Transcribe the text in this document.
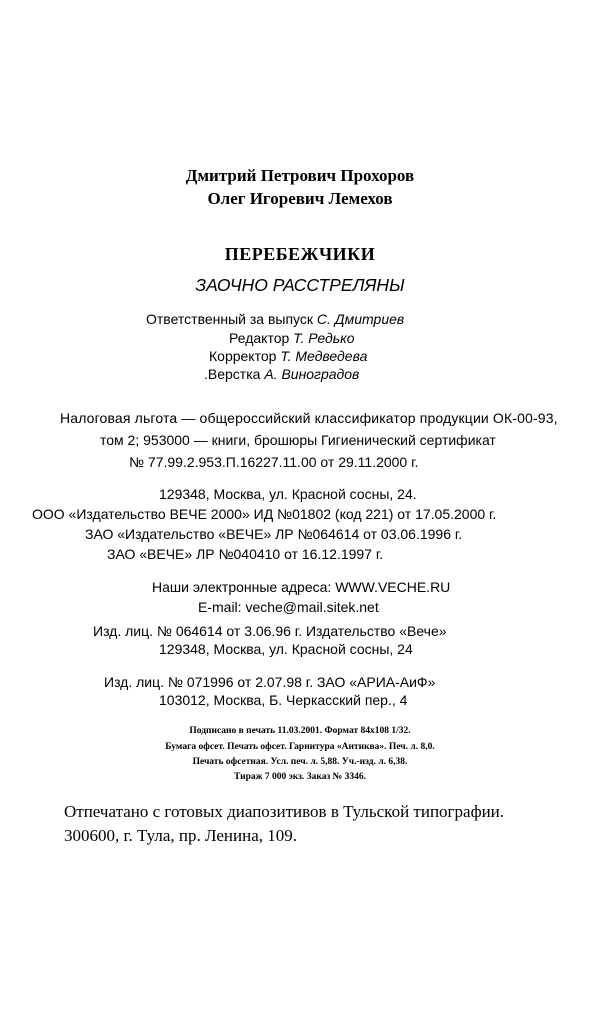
Дмитрий Петрович Прохоров
Олег Игоревич Лемехов
ПЕРЕБЕЖЧИКИ
ЗАОЧНО РАССТРЕЛЯНЫ
Ответственный за выпуск С. Дмитриев
Редактор Т. Редько
Корректор Т. Медведева
.Верстка А. Виноградов
Налоговая льгота — общероссийский классификатор продукции ОК-00-93,
том 2; 953000 — книги, брошюры Гигиенический сертификат
№ 77.99.2.953.П.16227.11.00 от 29.11.2000 г.
129348, Москва, ул. Красной сосны, 24.
ООО «Издательство ВЕЧЕ 2000» ИД №01802 (код 221) от 17.05.2000 г.
ЗАО «Издательство «ВЕЧЕ» ЛР №064614 от 03.06.1996 г.
ЗАО «ВЕЧЕ» ЛР №040410 от 16.12.1997 г.
Наши электронные адреса: WWW.VECHE.RU
E-mail: veche@mail.sitek.net
Изд. лиц. № 064614 от 3.06.96 г. Издательство «Вече»
129348, Москва, ул. Красной сосны, 24
Изд. лиц. № 071996 от 2.07.98 г. ЗАО «АРИА-АиФ»
103012, Москва, Б. Черкасский пер., 4
Подписано в печать 11.03.2001. Формат 84x108 1/32.
Бумага офсет. Печать офсет. Гарнитура «Антиква». Печ. л. 8,0.
Печать офсетная. Усл. печ. л. 5,88. Уч.-изд. л. 6,38.
Тираж 7 000 экз. Заказ № 3346.
Отпечатано с готовых диапозитивов в Тульской типографии.
300600, г. Тула, пр. Ленина, 109.
